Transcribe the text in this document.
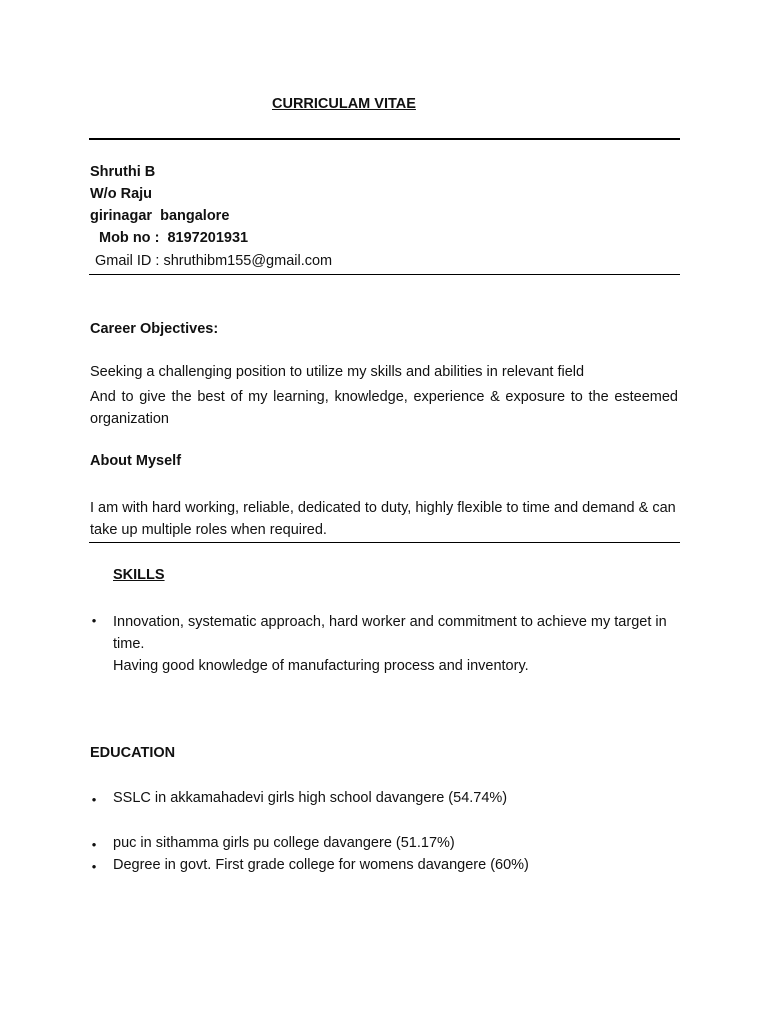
CURRICULAM VITAE
Shruthi B
W/o Raju
girinagar  bangalore
Mob no :  8197201931
Gmail ID : shruthibm155@gmail.com
Career Objectives:
Seeking a challenging position to utilize my skills and abilities in relevant field
And to give the best of my learning, knowledge, experience & exposure to the esteemed organization
About Myself
I am with hard working, reliable, dedicated to duty, highly flexible to time and demand & can take up multiple roles when required.
SKILLS
• Innovation, systematic approach, hard worker and commitment to achieve my target in time.
Having good knowledge of manufacturing process and inventory.
EDUCATION
• SSLC in akkamahadevi girls high school davangere (54.74%)
• puc in sithamma girls pu college davangere (51.17%)
• Degree in govt. First grade college for womens davangere (60%)
